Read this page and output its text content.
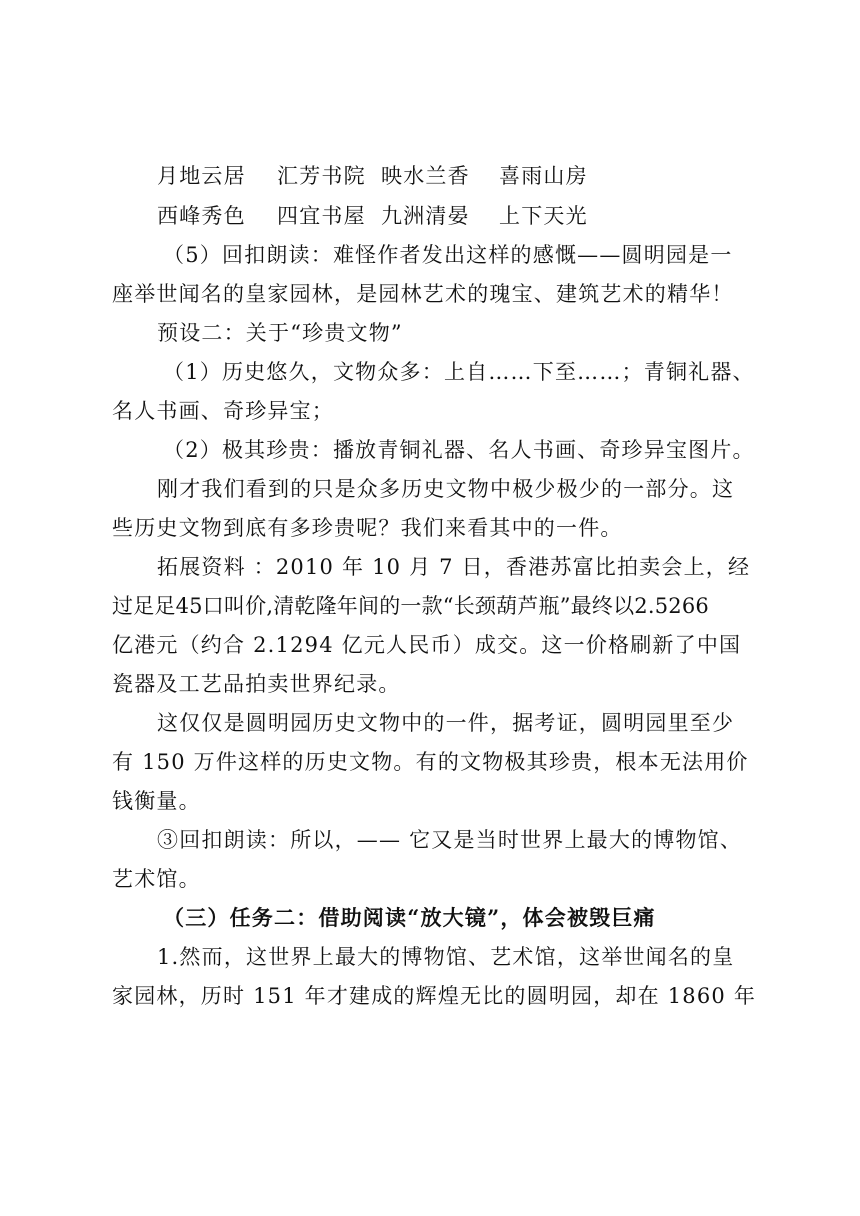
月地云居 汇芳书院 映水兰香 喜雨山房
西峰秀色 四宜书屋 九洲清晏 上下天光
（5）回扣朗读：难怪作者发出这样的感慨——圆明园是一
座举世闻名的皇家园林，是园林艺术的瑰宝、建筑艺术的精华！
预设二：关于“珍贵文物”
（1）历史悠久，文物众多：上自……下至……；青铜礼器、
名人书画、奇珍异宝；
（2）极其珍贵：播放青铜礼器、名人书画、奇珍异宝图片。
刚才我们看到的只是众多历史文物中极少极少的一部分。这
些历史文物到底有多珍贵呢？我们来看其中的一件。
拓展资料 ：2010 年 10 月 7 日，香港苏富比拍卖会上，经
过足足45口叫价,清乾隆年间的一款“长颈葫芦瓶”最终以2.5266
亿港元（约合 2.1294 亿元人民币）成交。这一价格刷新了中国
瓷器及工艺品拍卖世界纪录。
这仅仅是圆明园历史文物中的一件，据考证，圆明园里至少
有 150 万件这样的历史文物。有的文物极其珍贵，根本无法用价
钱衡量。
③回扣朗读：所以，—— 它又是当时世界上最大的博物馆、
艺术馆。
（三）任务二：借助阅读“放大镜”，体会被毁巨痛
1.然而，这世界上最大的博物馆、艺术馆，这举世闻名的皇
家园林，历时 151 年才建成的辉煌无比的圆明园，却在 1860 年
